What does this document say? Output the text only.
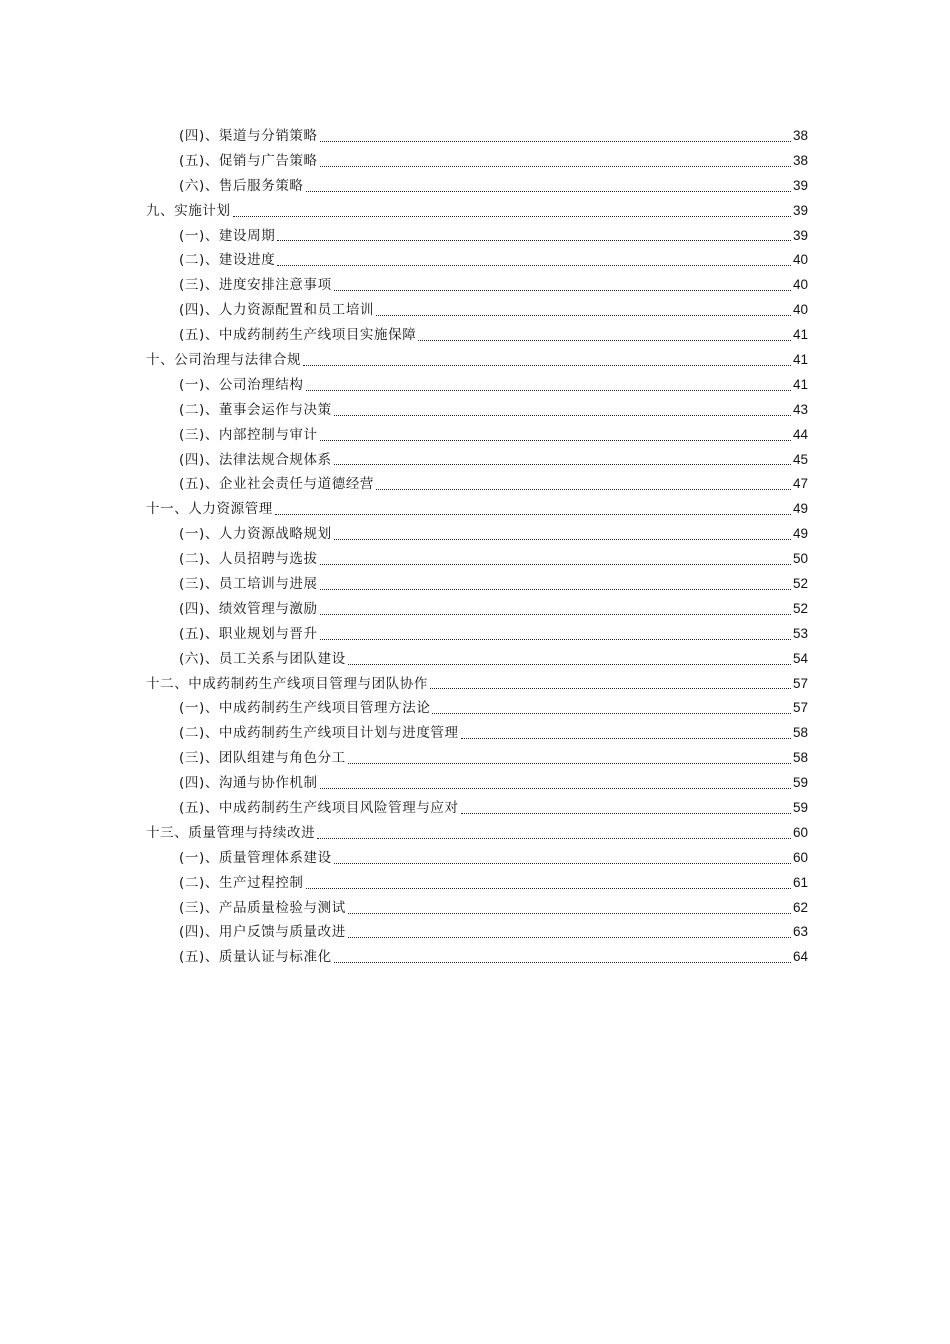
(四)、渠道与分销策略	38
(五)、促销与广告策略	38
(六)、售后服务策略	39
九、实施计划	39
(一)、建设周期	39
(二)、建设进度	40
(三)、进度安排注意事项	40
(四)、人力资源配置和员工培训	40
(五)、中成药制药生产线项目实施保障	41
十、公司治理与法律合规	41
(一)、公司治理结构	41
(二)、董事会运作与决策	43
(三)、内部控制与审计	44
(四)、法律法规合规体系	45
(五)、企业社会责任与道德经营	47
十一、人力资源管理	49
(一)、人力资源战略规划	49
(二)、人员招聘与选拔	50
(三)、员工培训与进展	52
(四)、绩效管理与激励	52
(五)、职业规划与晋升	53
(六)、员工关系与团队建设	54
十二、中成药制药生产线项目管理与团队协作	57
(一)、中成药制药生产线项目管理方法论	57
(二)、中成药制药生产线项目计划与进度管理	58
(三)、团队组建与角色分工	58
(四)、沟通与协作机制	59
(五)、中成药制药生产线项目风险管理与应对	59
十三、质量管理与持续改进	60
(一)、质量管理体系建设	60
(二)、生产过程控制	61
(三)、产品质量检验与测试	62
(四)、用户反馈与质量改进	63
(五)、质量认证与标准化	64
